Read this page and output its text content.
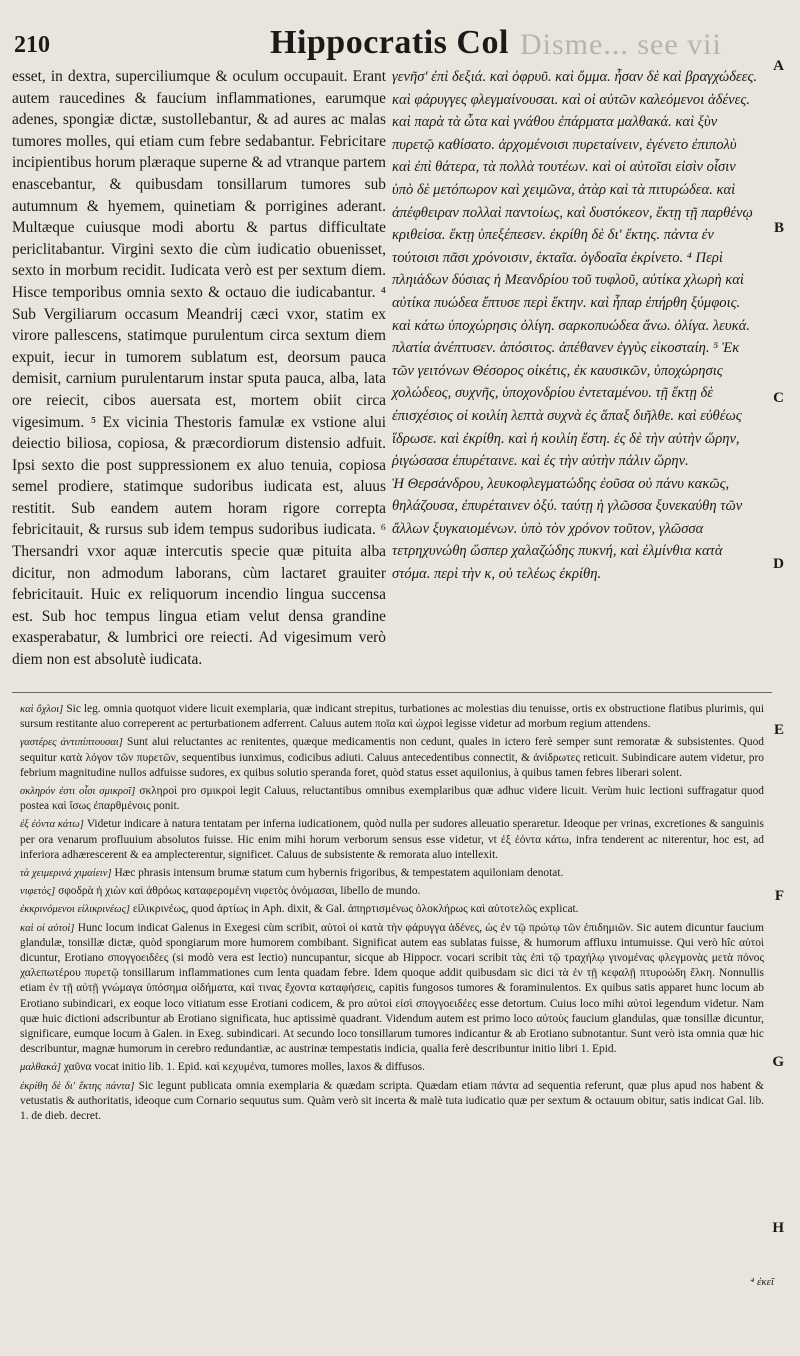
210	Hippocratis Col Disme... see vii

esset, in dextra, superciliumque & oculum occupauit. Erant autem raucedines & faucium inflammationes, earumque adenes, spongiæ dictæ, sustollebantur, & ad aures ac malas tumores molles, qui etiam cum febre sedabantur. Febricitare incipientibus horum plæraque superne & ad vtranque partem enascebantur, & quibusdam tonsillarum tumores sub autumnum & hyemem, quinetiam & porrigines aderant. Multæque cuiusque modi abortu & partus difficultate periclitabantur. Virgini sexto die cùm iudicatio obuenisset, sexto in morbum recidit. Iudicata verò est per sextum diem. Hisce temporibus omnia sexto & octauo die iudicabantur. ⁴ Sub Vergiliarum occasum Meandrij cæci vxor, statim ex virore pallescens, statimque purulentum circa sextum diem expuit, iecur in tumorem sublatum est, deorsum pauca demisit, carnium purulentarum instar sputa pauca, alba, lata ore reiecit, cibos auersata est, mortem obiit circa vigesimum. ⁵ Ex vicinia Thestoris famulæ ex vstione alui deiectio biliosa, copiosa, & præcordiorum distensio adfuit. Ipsi sexto die post suppressionem ex aluo tenuia, copiosa semel prodiere, statimque sudoribus iudicata est, aluus restitit. Sub eandem autem horam rigore correpta febricitauit, & rursus sub idem tempus sudoribus iudicata. ⁶ Thersandri vxor aquæ intercutis specie quæ pituita alba dicitur, non admodum laborans, cùm lactaret grauiter febricitauit. Huic ex reliquorum incendio lingua succensa est. Sub hoc tempus lingua etiam velut densa grandine exasperabatur, & lumbrici ore reiecti. Ad vigesimum verò diem non est absolutè iudicata.

γενῆσ' ἐπὶ δεξιά. καὶ ὀφρυῦ. καὶ ὄμμα. ἦσαν δὲ καὶ βραγχώδεες. καὶ φάρυγγες φλεγμαίνουσαι. καὶ οἱ αὐτῶν καλεόμενοι ἀδένες. καὶ παρὰ τὰ ὦτα καὶ γνάθου ἐπάρματα μαλθακά. καὶ ξὺν πυρετῷ καθίσατο. ἀρχομένοισι πυρεταίνειν, ἐγένετο ἐπιπολὺ καὶ ἐπὶ θάτερα, τὰ πολλὰ τουτέων. καὶ οἱ αὐτοῖσι εἰσὶν οἷσιν ὑπὸ δὲ μετόπωρον καὶ χειμῶνα, ἀτὰρ καὶ τὰ πιτυρώδεα. καὶ ἀπέφθειραν πολλαὶ παντοίως, καὶ δυστόκεον, ἕκτῃ τῇ παρθένῳ κριθείσα. ἕκτῃ ὑπεξέπεσεν. ἐκρίθη δὲ δι' ἕκτης. πάντα ἐν τούτοισι πᾶσι χρόνοισιν, ἑκταῖα. ὀγδοαῖα ἐκρίνετο. ⁴ Περὶ πληιάδων δύσιας ἡ Μεανδρίου τοῦ τυφλοῦ, αὐτίκα χλωρὴ καὶ αὐτίκα πυώδεα ἔπτυσε περὶ ἕκτην. καὶ ἧπαρ ἐπήρθη ξύμφοις. καὶ κάτω ὑποχώρησις ὀλίγη. σαρκοπυώδεα ἄνω. ὀλίγα. λευκά. πλατία ἀνέπτυσεν. ἀπόσιτος. ἀπέθανεν ἐγγὺς εἰκοσταίη. ⁵ Ἐκ τῶν γειτόνων Θέσορος οἰκέτις, ἐκ καυσικῶν, ὑποχώρησις χολώδεος, συχνῆς, ὑποχονδρίου ἐντεταμένου. τῇ ἕκτῃ δὲ ἐπισχέσιος οἱ κοιλίη λεπτὰ συχνὰ ἐς ἅπαξ διῆλθε. καὶ εὐθέως ἵδρωσε. καὶ ἐκρίθη. καὶ ἡ κοιλίη ἔστη. ἐς δὲ τὴν αὐτὴν ὥρην, ῥιγώσασα ἐπυρέταινε. καὶ ἐς τὴν αὐτὴν πάλιν ὥρην.

Ἡ Θερσάνδρου, λευκοφλεγματώδης ἐοῦσα οὐ πάνυ κακῶς, θηλάζουσα, ἐπυρέταινεν ὀξύ. ταύτῃ ἡ γλῶσσα ξυνεκαύθη τῶν ἄλλων ξυγκαιομένων. ὑπὸ τὸν χρόνον τοῦτον, γλῶσσα τετρηχυνώθη ὥσπερ χαλαζώδης πυκνή, καὶ ἑλμίνθια κατὰ στόμα. περὶ τὴν κ, οὐ τελέως ἐκρίθη.

A
B
C
D
E
F
G
H

καὶ ὄχλοι] Sic leg. omnia quotquot videre licuit exemplaria, quæ indicant strepitus, turbationes ac molestias diu tenuisse, ortis ex obstructione flatibus plurimis, qui sursum restitante aluo correperent ac perturbationem adferrent. Caluus autem ποῖα καὶ ὠχροὶ legisse videtur ad morbum regium attendens.

γαστέρες ἀντιπίπτουσαι] Sunt alui reluctantes ac renitentes, quæque medicamentis non cedunt, quales in ictero ferè semper sunt remoratæ & subsistentes. Quod sequitur κατὰ λόγον τῶν πυρετῶν, sequentibus iunximus, codicibus adiuti. Caluus antecedentibus connectit, & ἀνίδρωτες reticuit. Subindicare autem videtur, pro febrium magnitudine nullos adfuisse sudores, ex quibus solutio speranda foret, quòd status esset aquilonius, à quibus tamen febres liberari solent.

σκληρόν ἐστι οἷσι σμικροῖ] σκληροὶ pro σμικροὶ legit Caluus, reluctantibus omnibus exemplaribus quæ adhuc videre licuit. Verùm huic lectioni suffragatur quod postea καὶ ἴσως ἐπαρθμένοις ponit.

ἐξ ἐόντα κάτω] Videtur indicare à natura tentatam per inferna iudicationem, quòd nulla per sudores alleuatio speraretur. Ideoque per vrinas, excretiones & sanguinis per ora venarum profluuium absolutos fuisse. Hic enim mihi horum verborum sensus esse videtur, vt ἐξ ἐόντα κάτω, infra tenderent ac niterentur, hoc est, ad inferiora adhærescerent & ea amplecterentur, significet. Caluus de subsistente & remorata aluo intellexit.

τὰ χειμερινά χιμαίειν] Hæc phrasis intensum brumæ statum cum hybernis frigoribus, & tempestatem aquiloniam denotat.

νιφετὸς] σφοδρὰ ἡ χιὼν καὶ ἀθρόως καταφερομένη νιφετὸς ὀνόμασαι, libello de mundo.

ἐκκρινόμενοι εἰλικρινέως] εἰλικρινέως, quod ἀρτίως in Aph. dixit, & Gal. ἀπηρτισμένως ὁλοκλήρως καὶ αὐτοτελῶς explicat.

καὶ οἱ αὐτοὶ] Hunc locum indicat Galenus in Exegesi cùm scribit, αὐτοὶ οἱ κατὰ τὴν φάρυγγα ἀδένες, ὡς ἐν τῷ πρώτῳ τῶν ἐπιδημιῶν. Sic autem dicuntur faucium glandulæ, tonsillæ dictæ, quòd spongiarum more humorem combibant. Significat autem eas sublatas fuisse, & humorum affluxu intumuisse. Qui verò hîc αὐτοὶ dicuntur, Erotiano σπογγοειδέες (si modò vera est lectio) nuncupantur, sicque ab Hippocr. vocari scribit τὰς ἐπὶ τῷ τραχήλῳ γινομένας φλεγμονὰς μετὰ πόνος χαλεπωτέρου πυρετῷ tonsillarum inflammationes cum lenta quadam febre. Idem quoque addit quibusdam sic dici τὰ ἐν τῇ κεφαλῇ πτυροώδη ἕλκη. Nonnullis etiam ἐν τῇ αὐτῇ γνώμαγα ὑπόσημα οἰδήματα, καὶ τινας ἔχοντα καταφήσεις, capitis fungosos tumores & foraminulentos. Ex quibus satis apparet hunc locum ab Erotiano subindicari, ex eoque loco vitiatum esse Erotiani codicem, & pro αὐτοὶ εἰσὶ σπογγοειδέες esse detortum. Cuius loco mihi αὐτοὶ legendum videtur. Nam quæ huic dictioni adscribuntur ab Erotiano significata, huc aptissimè quadrant. Videndum autem est primo loco αὐτοὺς faucium glandulas, quæ tonsillæ dicuntur, significare, eumque locum à Galen. in Exeg. subindicari. At secundo loco tonsillarum tumores indicantur & ab Erotiano subnotantur. Sunt verò ista omnia quæ hic describuntur, magnæ humorum in cerebro redundantiæ, ac austrinæ tempestatis indicia, qualia ferè describuntur initio libri 1. Epid.

μαλθακά] χαῦνα vocat initio lib. 1. Epid. καὶ κεχυμένα, tumores molles, laxos & diffusos.

ἐκρίθη δὲ δι' ἕκτης πάντα] Sic legunt publicata omnia exemplaria & quædam scripta. Quædam etiam πάντα ad sequentia referunt, quæ plus apud nos habent & vetustatis & authoritatis, ideoque cum Cornario sequutus sum. Quàm verò sit incerta & malè tuta iudicatio quæ per sextum & octauum obitur, satis indicat Gal. lib. 1. de dieb. decret.

⁴ ἐκεῖ
